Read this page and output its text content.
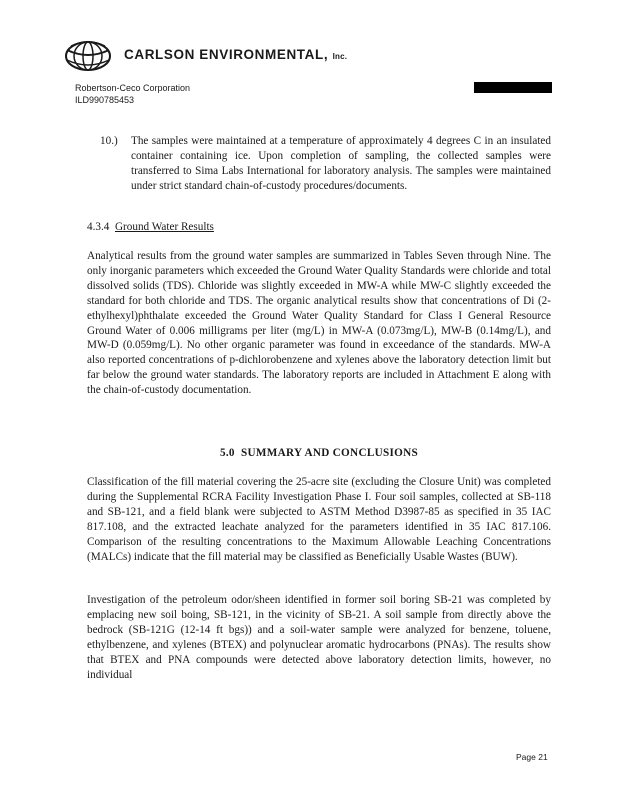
CARLSON ENVIRONMENTAL, Inc.
Robertson-Ceco Corporation
ILD990785453
10.) The samples were maintained at a temperature of approximately 4 degrees C in an insulated container containing ice. Upon completion of sampling, the collected samples were transferred to Sima Labs International for laboratory analysis. The samples were maintained under strict standard chain-of-custody procedures/documents.
4.3.4 Ground Water Results
Analytical results from the ground water samples are summarized in Tables Seven through Nine. The only inorganic parameters which exceeded the Ground Water Quality Standards were chloride and total dissolved solids (TDS). Chloride was slightly exceeded in MW-A while MW-C slightly exceeded the standard for both chloride and TDS. The organic analytical results show that concentrations of Di (2-ethylhexyl)phthalate exceeded the Ground Water Quality Standard for Class I General Resource Ground Water of 0.006 milligrams per liter (mg/L) in MW-A (0.073mg/L), MW-B (0.14mg/L), and MW-D (0.059mg/L). No other organic parameter was found in exceedance of the standards. MW-A also reported concentrations of p-dichlorobenzene and xylenes above the laboratory detection limit but far below the ground water standards. The laboratory reports are included in Attachment E along with the chain-of-custody documentation.
5.0  SUMMARY AND CONCLUSIONS
Classification of the fill material covering the 25-acre site (excluding the Closure Unit) was completed during the Supplemental RCRA Facility Investigation Phase I. Four soil samples, collected at SB-118 and SB-121, and a field blank were subjected to ASTM Method D3987-85 as specified in 35 IAC 817.108, and the extracted leachate analyzed for the parameters identified in 35 IAC 817.106. Comparison of the resulting concentrations to the Maximum Allowable Leaching Concentrations (MALCs) indicate that the fill material may be classified as Beneficially Usable Wastes (BUW).
Investigation of the petroleum odor/sheen identified in former soil boring SB-21 was completed by emplacing new soil boing, SB-121, in the vicinity of SB-21. A soil sample from directly above the bedrock (SB-121G (12-14 ft bgs)) and a soil-water sample were analyzed for benzene, toluene, ethylbenzene, and xylenes (BTEX) and polynuclear aromatic hydrocarbons (PNAs). The results show that BTEX and PNA compounds were detected above laboratory detection limits, however, no individual
Page 21
